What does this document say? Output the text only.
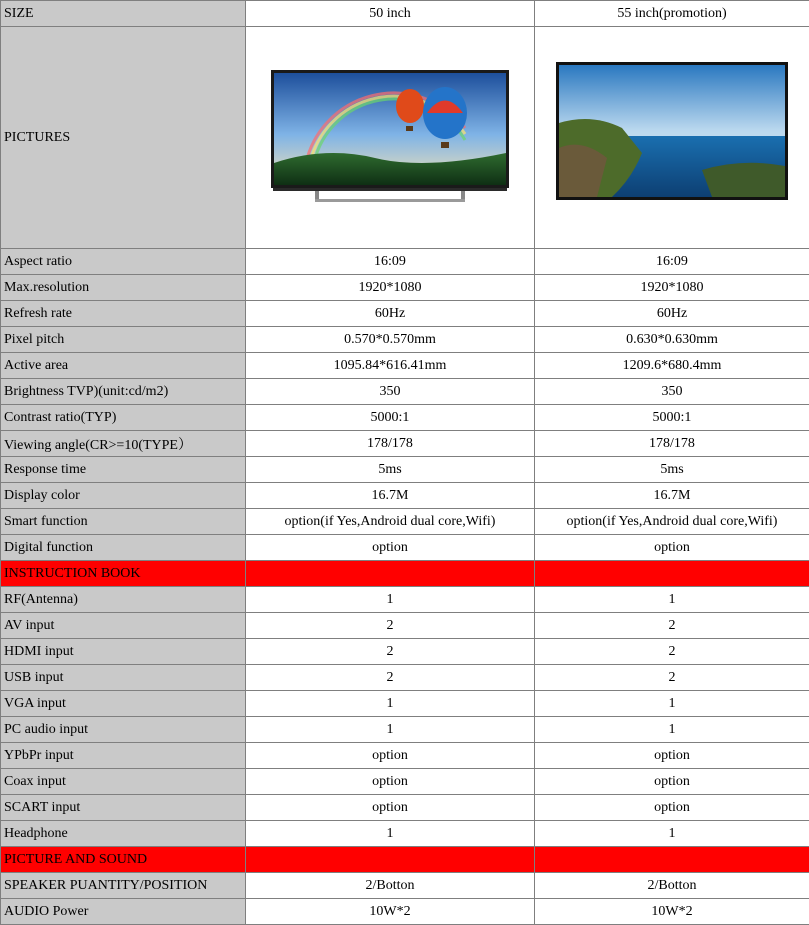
SIZE	50 inch	55 inch(promotion)
PICTURES	

Aspect ratio	16:09	16:09
Max.resolution	1920*1080	1920*1080
Refresh rate	60Hz	60Hz
Pixel pitch	0.570*0.570mm	0.630*0.630mm
Active area	1095.84*616.41mm	1209.6*680.4mm
Brightness TVP)(unit:cd/m2)	350	350
Contrast ratio(TYP)	5000:1	5000:1
Viewing angle(CR>=10(TYPE）	178/178	178/178
Response time	5ms	5ms
Display color	16.7M	16.7M
Smart function	option(if Yes,Android dual core,Wifi)	option(if Yes,Android dual core,Wifi)
Digital function	option	option
INSTRUCTION BOOK		
RF(Antenna)	1	1
AV input	2	2
HDMI input	2	2
USB input	2	2
VGA input	1	1
PC audio input	1	1
YPbPr input	option	option
Coax input	option	option
SCART input	option	option
Headphone	1	1
PICTURE AND SOUND		
SPEAKER PUANTITY/POSITION	2/Botton	2/Botton
AUDIO Power	10W*2	10W*2
